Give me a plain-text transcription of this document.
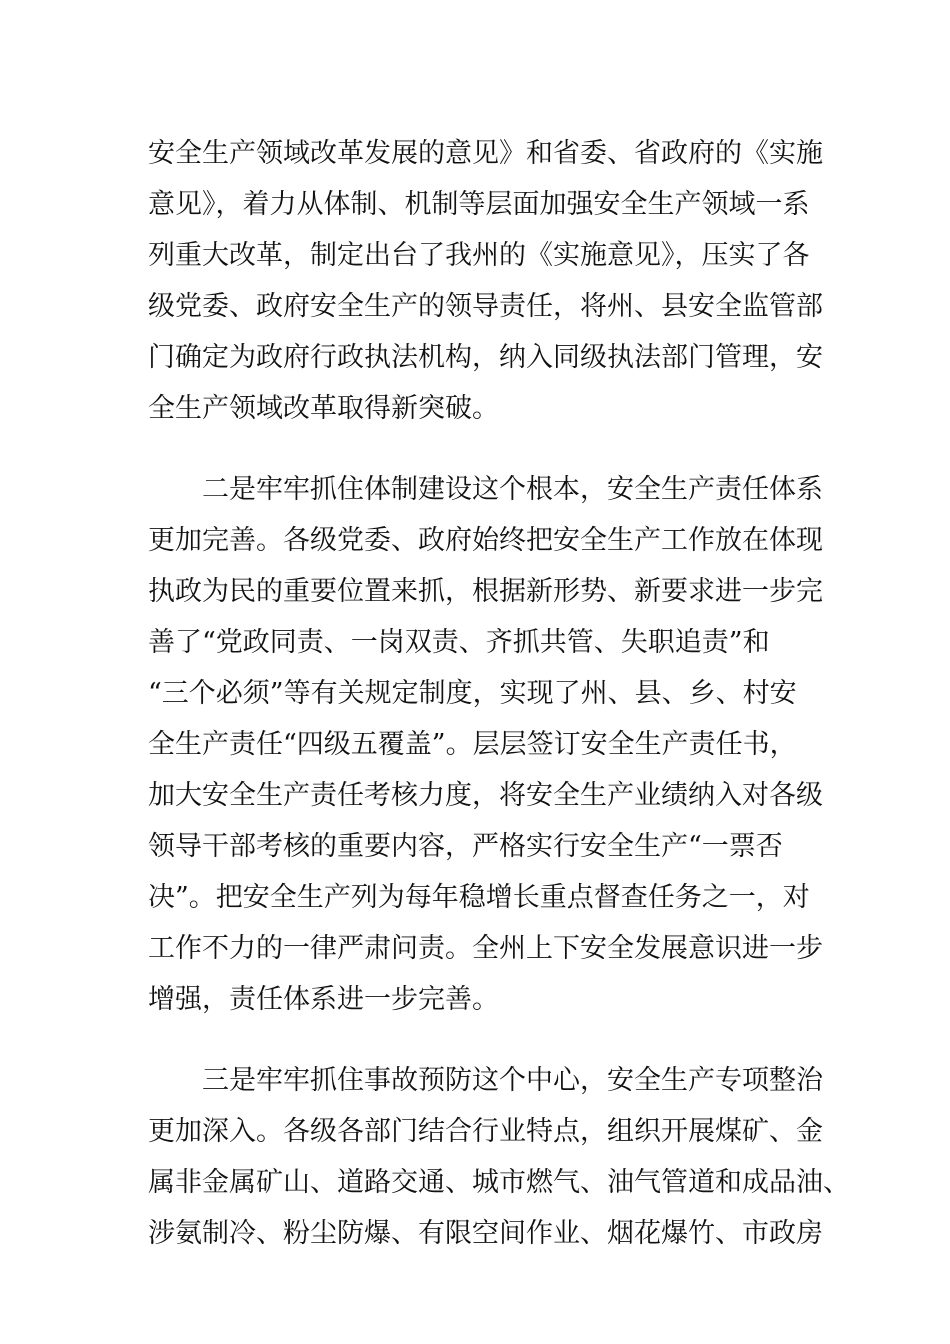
安全生产领域改革发展的意见》和省委、省政府的《实施
意见》，着力从体制、机制等层面加强安全生产领域一系
列重大改革，制定出台了我州的《实施意见》，压实了各
级党委、政府安全生产的领导责任，将州、县安全监管部
门确定为政府行政执法机构，纳入同级执法部门管理，安
全生产领域改革取得新突破。
　　二是牢牢抓住体制建设这个根本，安全生产责任体系
更加完善。各级党委、政府始终把安全生产工作放在体现
执政为民的重要位置来抓，根据新形势、新要求进一步完
善了“党政同责、一岗双责、齐抓共管、失职追责”和
“三个必须”等有关规定制度，实现了州、县、乡、村安
全生产责任“四级五覆盖”。层层签订安全生产责任书，
加大安全生产责任考核力度，将安全生产业绩纳入对各级
领导干部考核的重要内容，严格实行安全生产“一票否
决”。把安全生产列为每年稳增长重点督查任务之一，对
工作不力的一律严肃问责。全州上下安全发展意识进一步
增强，责任体系进一步完善。
　　三是牢牢抓住事故预防这个中心，安全生产专项整治
更加深入。各级各部门结合行业特点，组织开展煤矿、金
属非金属矿山、道路交通、城市燃气、油气管道和成品油、
涉氨制冷、粉尘防爆、有限空间作业、烟花爆竹、市政房
